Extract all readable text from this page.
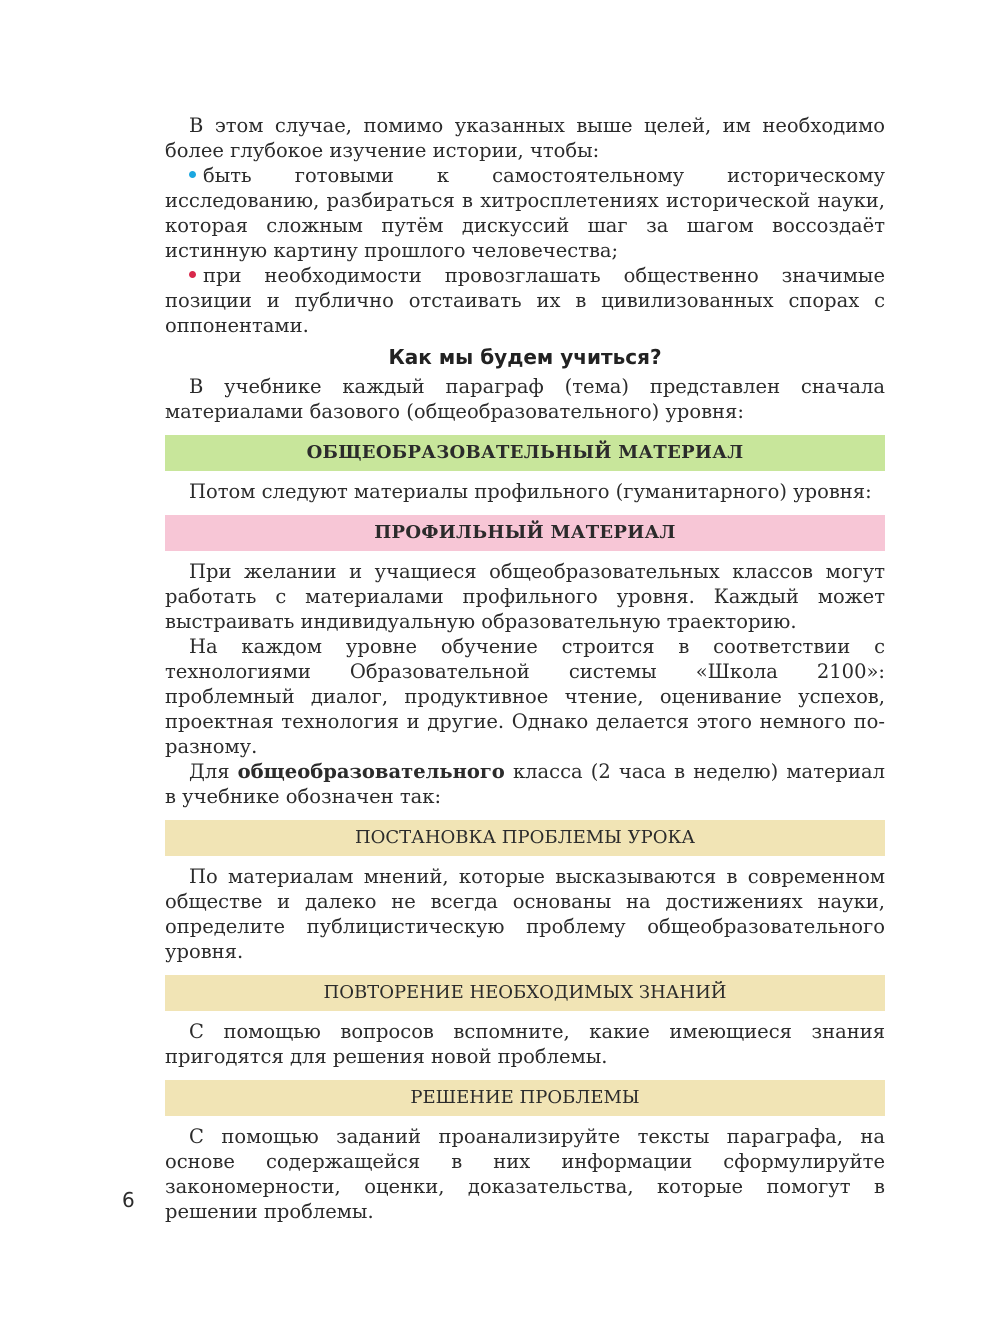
В этом случае, помимо указанных выше целей, им необходимо более глубокое изучение истории, чтобы:

быть готовыми к самостоятельному историческому исследованию, разбираться в хитросплетениях исторической науки, которая сложным путём дискуссий шаг за шагом воссоздаёт истинную картину прошлого человечества;

при необходимости провозглашать общественно значимые позиции и публично отстаивать их в цивилизованных спорах с оппонентами.

Как мы будем учиться?

В учебнике каждый параграф (тема) представлен сначала материалами базового (общеобразовательного) уровня:

ОБЩЕОБРАЗОВАТЕЛЬНЫЙ МАТЕРИАЛ

Потом следуют материалы профильного (гуманитарного) уровня:

ПРОФИЛЬНЫЙ МАТЕРИАЛ

При желании и учащиеся общеобразовательных классов могут работать с материалами профильного уровня. Каждый может выстраивать индивидуальную образовательную траекторию.

На каждом уровне обучение строится в соответствии с технологиями Образовательной системы «Школа 2100»: проблемный диалог, продуктивное чтение, оценивание успехов, проектная технология и другие. Однако делается этого немного по-разному.

Для общеобразовательного класса (2 часа в неделю) материал в учебнике обозначен так:

ПОСТАНОВКА ПРОБЛЕМЫ УРОКА

По материалам мнений, которые высказываются в современном обществе и далеко не всегда основаны на достижениях науки, определите публицистическую проблему общеобразовательного уровня.

ПОВТОРЕНИЕ НЕОБХОДИМЫХ ЗНАНИЙ

С помощью вопросов вспомните, какие имеющиеся знания пригодятся для решения новой проблемы.

РЕШЕНИЕ ПРОБЛЕМЫ

С помощью заданий проанализируйте тексты параграфа, на основе содержащейся в них информации сформулируйте закономерности, оценки, доказательства, которые помогут в решении проблемы.

6
